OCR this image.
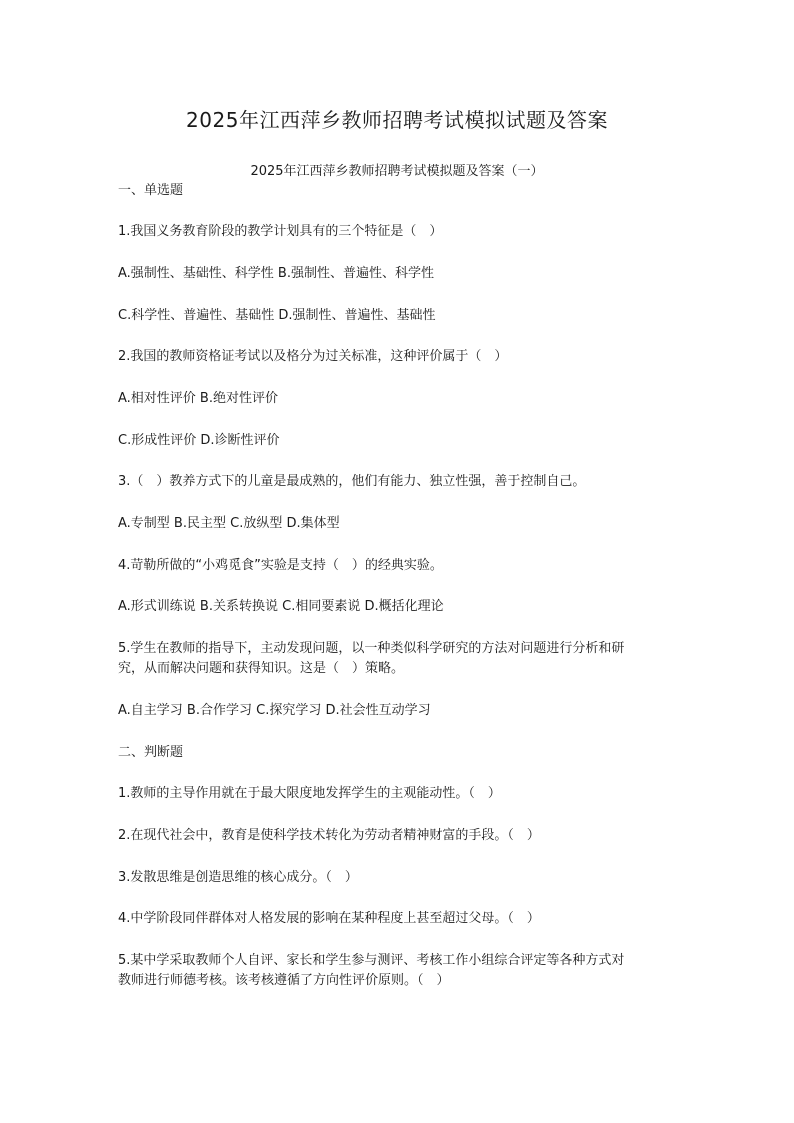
2025年江西萍乡教师招聘考试模拟试题及答案
2025年江西萍乡教师招聘考试模拟题及答案（一）
一、单选题
1.我国义务教育阶段的教学计划具有的三个特征是（　）
A.强制性、基础性、科学性 B.强制性、普遍性、科学性
C.科学性、普遍性、基础性 D.强制性、普遍性、基础性
2.我国的教师资格证考试以及格分为过关标准，这种评价属于（　）
A.相对性评价 B.绝对性评价
C.形成性评价 D.诊断性评价
3.（　）教养方式下的儿童是最成熟的，他们有能力、独立性强，善于控制自己。
A.专制型 B.民主型 C.放纵型 D.集体型
4.苛勒所做的“小鸡觅食”实验是支持（　）的经典实验。
A.形式训练说 B.关系转换说 C.相同要素说 D.概括化理论
5.学生在教师的指导下，主动发现问题，以一种类似科学研究的方法对问题进行分析和研
究，从而解决问题和获得知识。这是（　）策略。
A.自主学习 B.合作学习 C.探究学习 D.社会性互动学习
二、判断题
1.教师的主导作用就在于最大限度地发挥学生的主观能动性。（　）
2.在现代社会中，教育是使科学技术转化为劳动者精神财富的手段。（　）
3.发散思维是创造思维的核心成分。（　）
4.中学阶段同伴群体对人格发展的影响在某种程度上甚至超过父母。（　）
5.某中学采取教师个人自评、家长和学生参与测评、考核工作小组综合评定等各种方式对
教师进行师德考核。该考核遵循了方向性评价原则。（　）
